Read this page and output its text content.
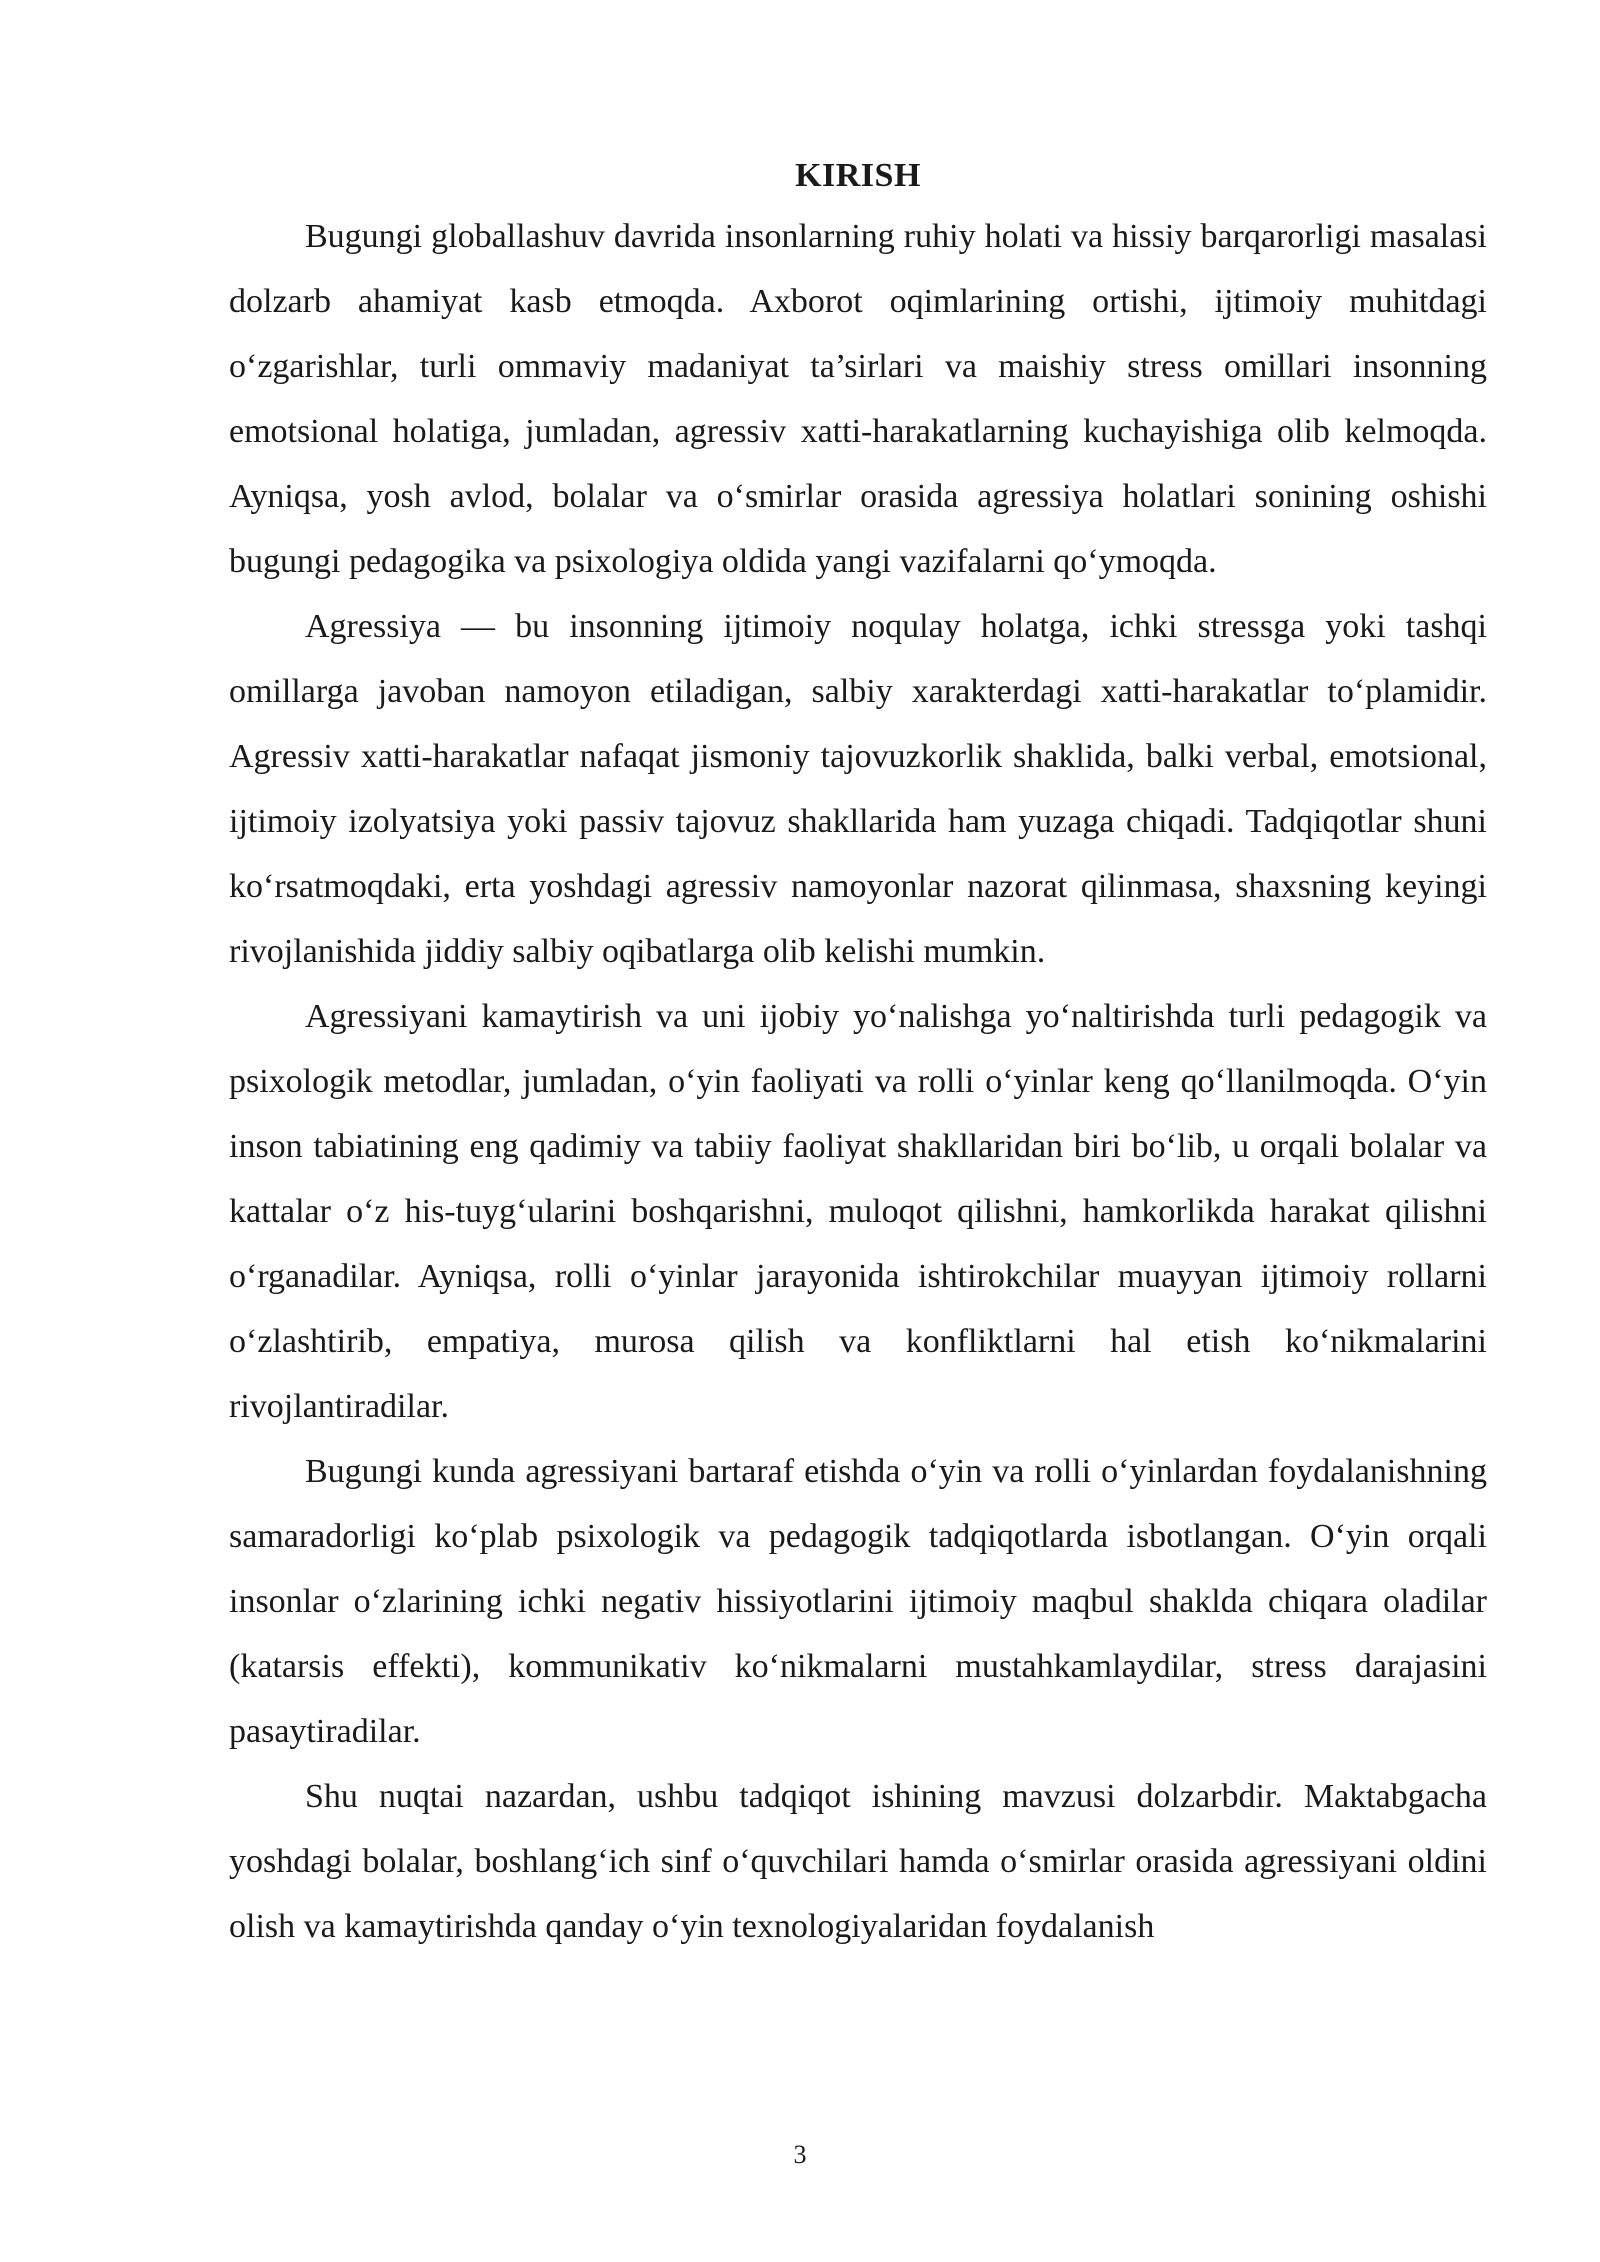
KIRISH

Bugungi globallashuv davrida insonlarning ruhiy holati va hissiy barqarorligi masalasi dolzarb ahamiyat kasb etmoqda. Axborot oqimlarining ortishi, ijtimoiy muhitdagi o‘zgarishlar, turli ommaviy madaniyat ta’sirlari va maishiy stress omillari insonning emotsional holatiga, jumladan, agressiv xatti-harakatlarning kuchayishiga olib kelmoqda. Ayniqsa, yosh avlod, bolalar va o‘smirlar orasida agressiya holatlari sonining oshishi bugungi pedagogika va psixologiya oldida yangi vazifalarni qo‘ymoqda.

Agressiya — bu insonning ijtimoiy noqulay holatga, ichki stressga yoki tashqi omillarga javoban namoyon etiladigan, salbiy xarakterdagi xatti-harakatlar to‘plamidir. Agressiv xatti-harakatlar nafaqat jismoniy tajovuzkorlik shaklida, balki verbal, emotsional, ijtimoiy izolyatsiya yoki passiv tajovuz shakllarida ham yuzaga chiqadi. Tadqiqotlar shuni ko‘rsatmoqdaki, erta yoshdagi agressiv namoyonlar nazorat qilinmasa, shaxsning keyingi rivojlanishida jiddiy salbiy oqibatlarga olib kelishi mumkin.

Agressiyani kamaytirish va uni ijobiy yo‘nalishga yo‘naltirishda turli pedagogik va psixologik metodlar, jumladan, o‘yin faoliyati va rolli o‘yinlar keng qo‘llanilmoqda. O‘yin inson tabiatining eng qadimiy va tabiiy faoliyat shakllaridan biri bo‘lib, u orqali bolalar va kattalar o‘z his-tuyg‘ularini boshqarishni, muloqot qilishni, hamkorlikda harakat qilishni o‘rganadilar. Ayniqsa, rolli o‘yinlar jarayonida ishtirokchilar muayyan ijtimoiy rollarni o‘zlashtirib, empatiya, murosa qilish va konfliktlarni hal etish ko‘nikmalarini rivojlantiradilar.

Bugungi kunda agressiyani bartaraf etishda o‘yin va rolli o‘yinlardan foydalanishning samaradorligi ko‘plab psixologik va pedagogik tadqiqotlarda isbotlangan. O‘yin orqali insonlar o‘zlarining ichki negativ hissiyotlarini ijtimoiy maqbul shaklda chiqara oladilar (katarsis effekti), kommunikativ ko‘nikmalarni mustahkamlaydilar, stress darajasini pasaytiradilar.

Shu nuqtai nazardan, ushbu tadqiqot ishining mavzusi dolzarbdir. Maktabgacha yoshdagi bolalar, boshlang‘ich sinf o‘quvchilari hamda o‘smirlar orasida agressiyani oldini olish va kamaytirishda qanday o‘yin texnologiyalaridan foydalanish

3
